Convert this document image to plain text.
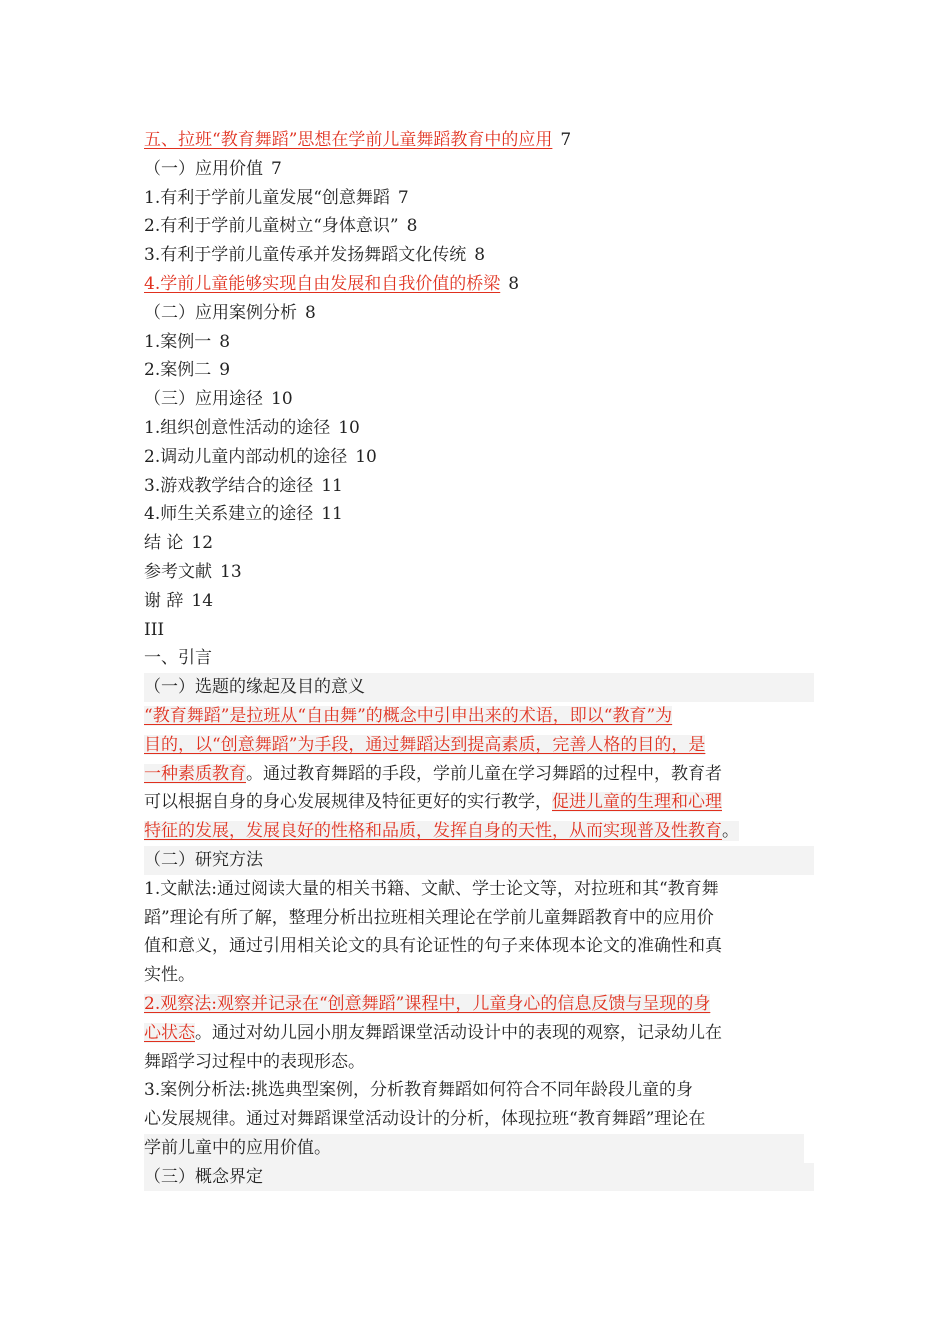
五、拉班“教育舞蹈”思想在学前儿童舞蹈教育中的应用 7

（一）应用价值 7

1.有利于学前儿童发展“创意舞蹈 7

2.有利于学前儿童树立“身体意识” 8

3.有利于学前儿童传承并发扬舞蹈文化传统 8

4.学前儿童能够实现自由发展和自我价值的桥梁 8

（二）应用案例分析 8

1.案例一 8

2.案例二 9

（三）应用途径 10

1.组织创意性活动的途径 10

2.调动儿童内部动机的途径 10

3.游戏教学结合的途径 11

4.师生关系建立的途径 11

结 论 12

参考文献 13

谢 辞 14

III

一、引言

（一）选题的缘起及目的意义

“教育舞蹈”是拉班从“自由舞”的概念中引申出来的术语，即以“教育”为
目的，以“创意舞蹈”为手段，通过舞蹈达到提高素质，完善人格的目的，是
一种素质教育。通过教育舞蹈的手段，学前儿童在学习舞蹈的过程中，教育者
可以根据自身的身心发展规律及特征更好的实行教学，促进儿童的生理和心理
特征的发展，发展良好的性格和品质，发挥自身的天性，从而实现普及性教育。

（二）研究方法

1.文献法:通过阅读大量的相关书籍、文献、学士论文等，对拉班和其“教育舞
蹈”理论有所了解，整理分析出拉班相关理论在学前儿童舞蹈教育中的应用价
值和意义，通过引用相关论文的具有论证性的句子来体现本论文的准确性和真
实性。
2.观察法:观察并记录在“创意舞蹈”课程中，儿童身心的信息反馈与呈现的身
心状态。通过对幼儿园小朋友舞蹈课堂活动设计中的表现的观察，记录幼儿在
舞蹈学习过程中的表现形态。
3.案例分析法:挑选典型案例，分析教育舞蹈如何符合不同年龄段儿童的身
心发展规律。通过对舞蹈课堂活动设计的分析，体现拉班“教育舞蹈”理论在
学前儿童中的应用价值。

（三）概念界定
